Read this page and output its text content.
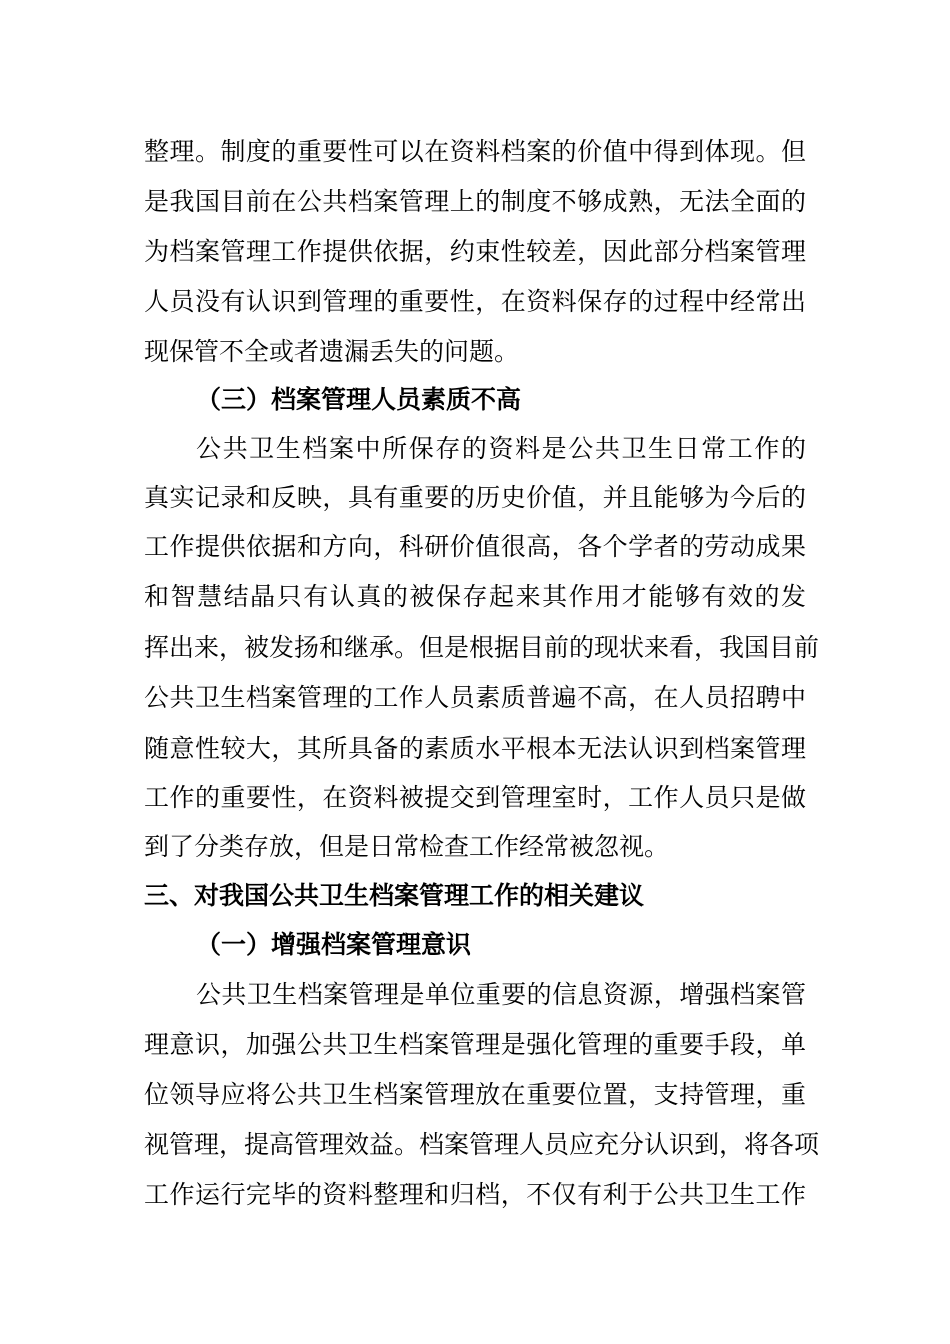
整理。制度的重要性可以在资料档案的价值中得到体现。但
是我国目前在公共档案管理上的制度不够成熟，无法全面的
为档案管理工作提供依据，约束性较差，因此部分档案管理
人员没有认识到管理的重要性，在资料保存的过程中经常出
现保管不全或者遗漏丢失的问题。
（三）档案管理人员素质不高
公共卫生档案中所保存的资料是公共卫生日常工作的
真实记录和反映，具有重要的历史价值，并且能够为今后的
工作提供依据和方向，科研价值很高，各个学者的劳动成果
和智慧结晶只有认真的被保存起来其作用才能够有效的发
挥出来，被发扬和继承。但是根据目前的现状来看，我国目前
公共卫生档案管理的工作人员素质普遍不高，在人员招聘中
随意性较大，其所具备的素质水平根本无法认识到档案管理
工作的重要性，在资料被提交到管理室时，工作人员只是做
到了分类存放，但是日常检查工作经常被忽视。
三、对我国公共卫生档案管理工作的相关建议
（一）增强档案管理意识
公共卫生档案管理是单位重要的信息资源，增强档案管
理意识，加强公共卫生档案管理是强化管理的重要手段，单
位领导应将公共卫生档案管理放在重要位置，支持管理，重
视管理，提高管理效益。档案管理人员应充分认识到，将各项
工作运行完毕的资料整理和归档，不仅有利于公共卫生工作
